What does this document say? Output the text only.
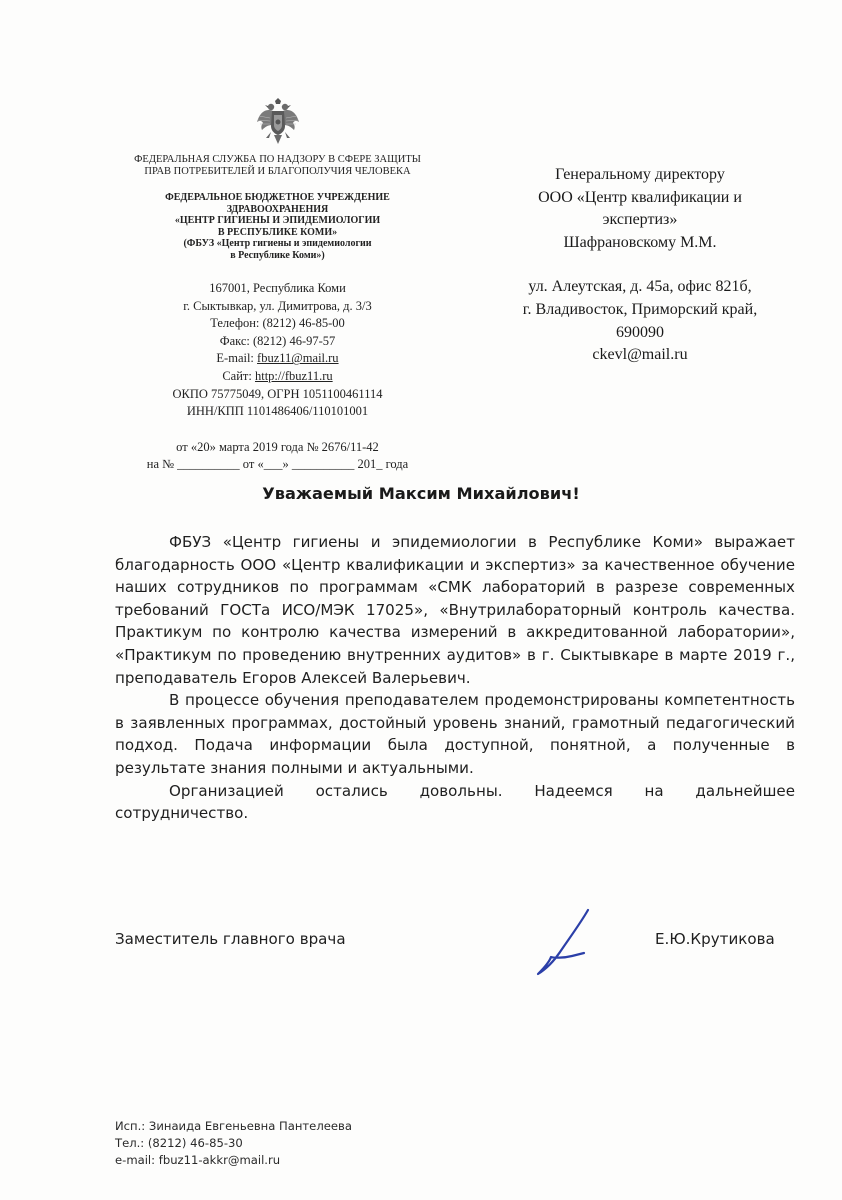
ФЕДЕРАЛЬНАЯ СЛУЖБА ПО НАДЗОРУ В СФЕРЕ ЗАЩИТЫ
ПРАВ ПОТРЕБИТЕЛЕЙ И БЛАГОПОЛУЧИЯ ЧЕЛОВЕКА
ФЕДЕРАЛЬНОЕ БЮДЖЕТНОЕ УЧРЕЖДЕНИЕ
ЗДРАВООХРАНЕНИЯ
«ЦЕНТР ГИГИЕНЫ И ЭПИДЕМИОЛОГИИ
В РЕСПУБЛИКЕ КОМИ»
(ФБУЗ «Центр гигиены и эпидемиологии
в Республике Коми»)
167001, Республика Коми
г. Сыктывкар, ул. Димитрова, д. 3/3
Телефон: (8212) 46-85-00
Факс: (8212) 46-97-57
E-mail: fbuz11@mail.ru
Сайт: http://fbuz11.ru
ОКПО 75775049, ОГРН 1051100461114
ИНН/КПП 1101486406/110101001
от «20» марта 2019 года № 2676/11-42
на № __________ от «___» __________ 201_ года
Генеральному директору
ООО «Центр квалификации и
экспертиз»
Шафрановскому М.М.
ул. Алеутская, д. 45а, офис 821б,
г. Владивосток, Приморский край,
690090
ckevl@mail.ru
Уважаемый Максим Михайлович!

ФБУЗ «Центр гигиены и эпидемиологии в Республике Коми» выражает благодарность ООО «Центр квалификации и экспертиз» за качественное обучение наших сотрудников по программам «СМК лабораторий в разрезе современных требований ГОСТа ИСО/МЭК 17025», «Внутрилабораторный контроль качества. Практикум по контролю качества измерений в аккредитованной лаборатории», «Практикум по проведению внутренних аудитов» в г. Сыктывкаре в марте 2019 г., преподаватель Егоров Алексей Валерьевич.

В процессе обучения преподавателем продемонстрированы компетентность в заявленных программах, достойный уровень знаний, грамотный педагогический подход. Подача информации была доступной, понятной, а полученные в результате знания полными и актуальными.

Организацией остались довольны. Надеемся на дальнейшее сотрудничество.

Заместитель главного врача	Е.Ю.Крутикова
Исп.: Зинаида Евгеньевна Пантелеева
Тел.: (8212) 46-85-30
e-mail: fbuz11-akkr@mail.ru
